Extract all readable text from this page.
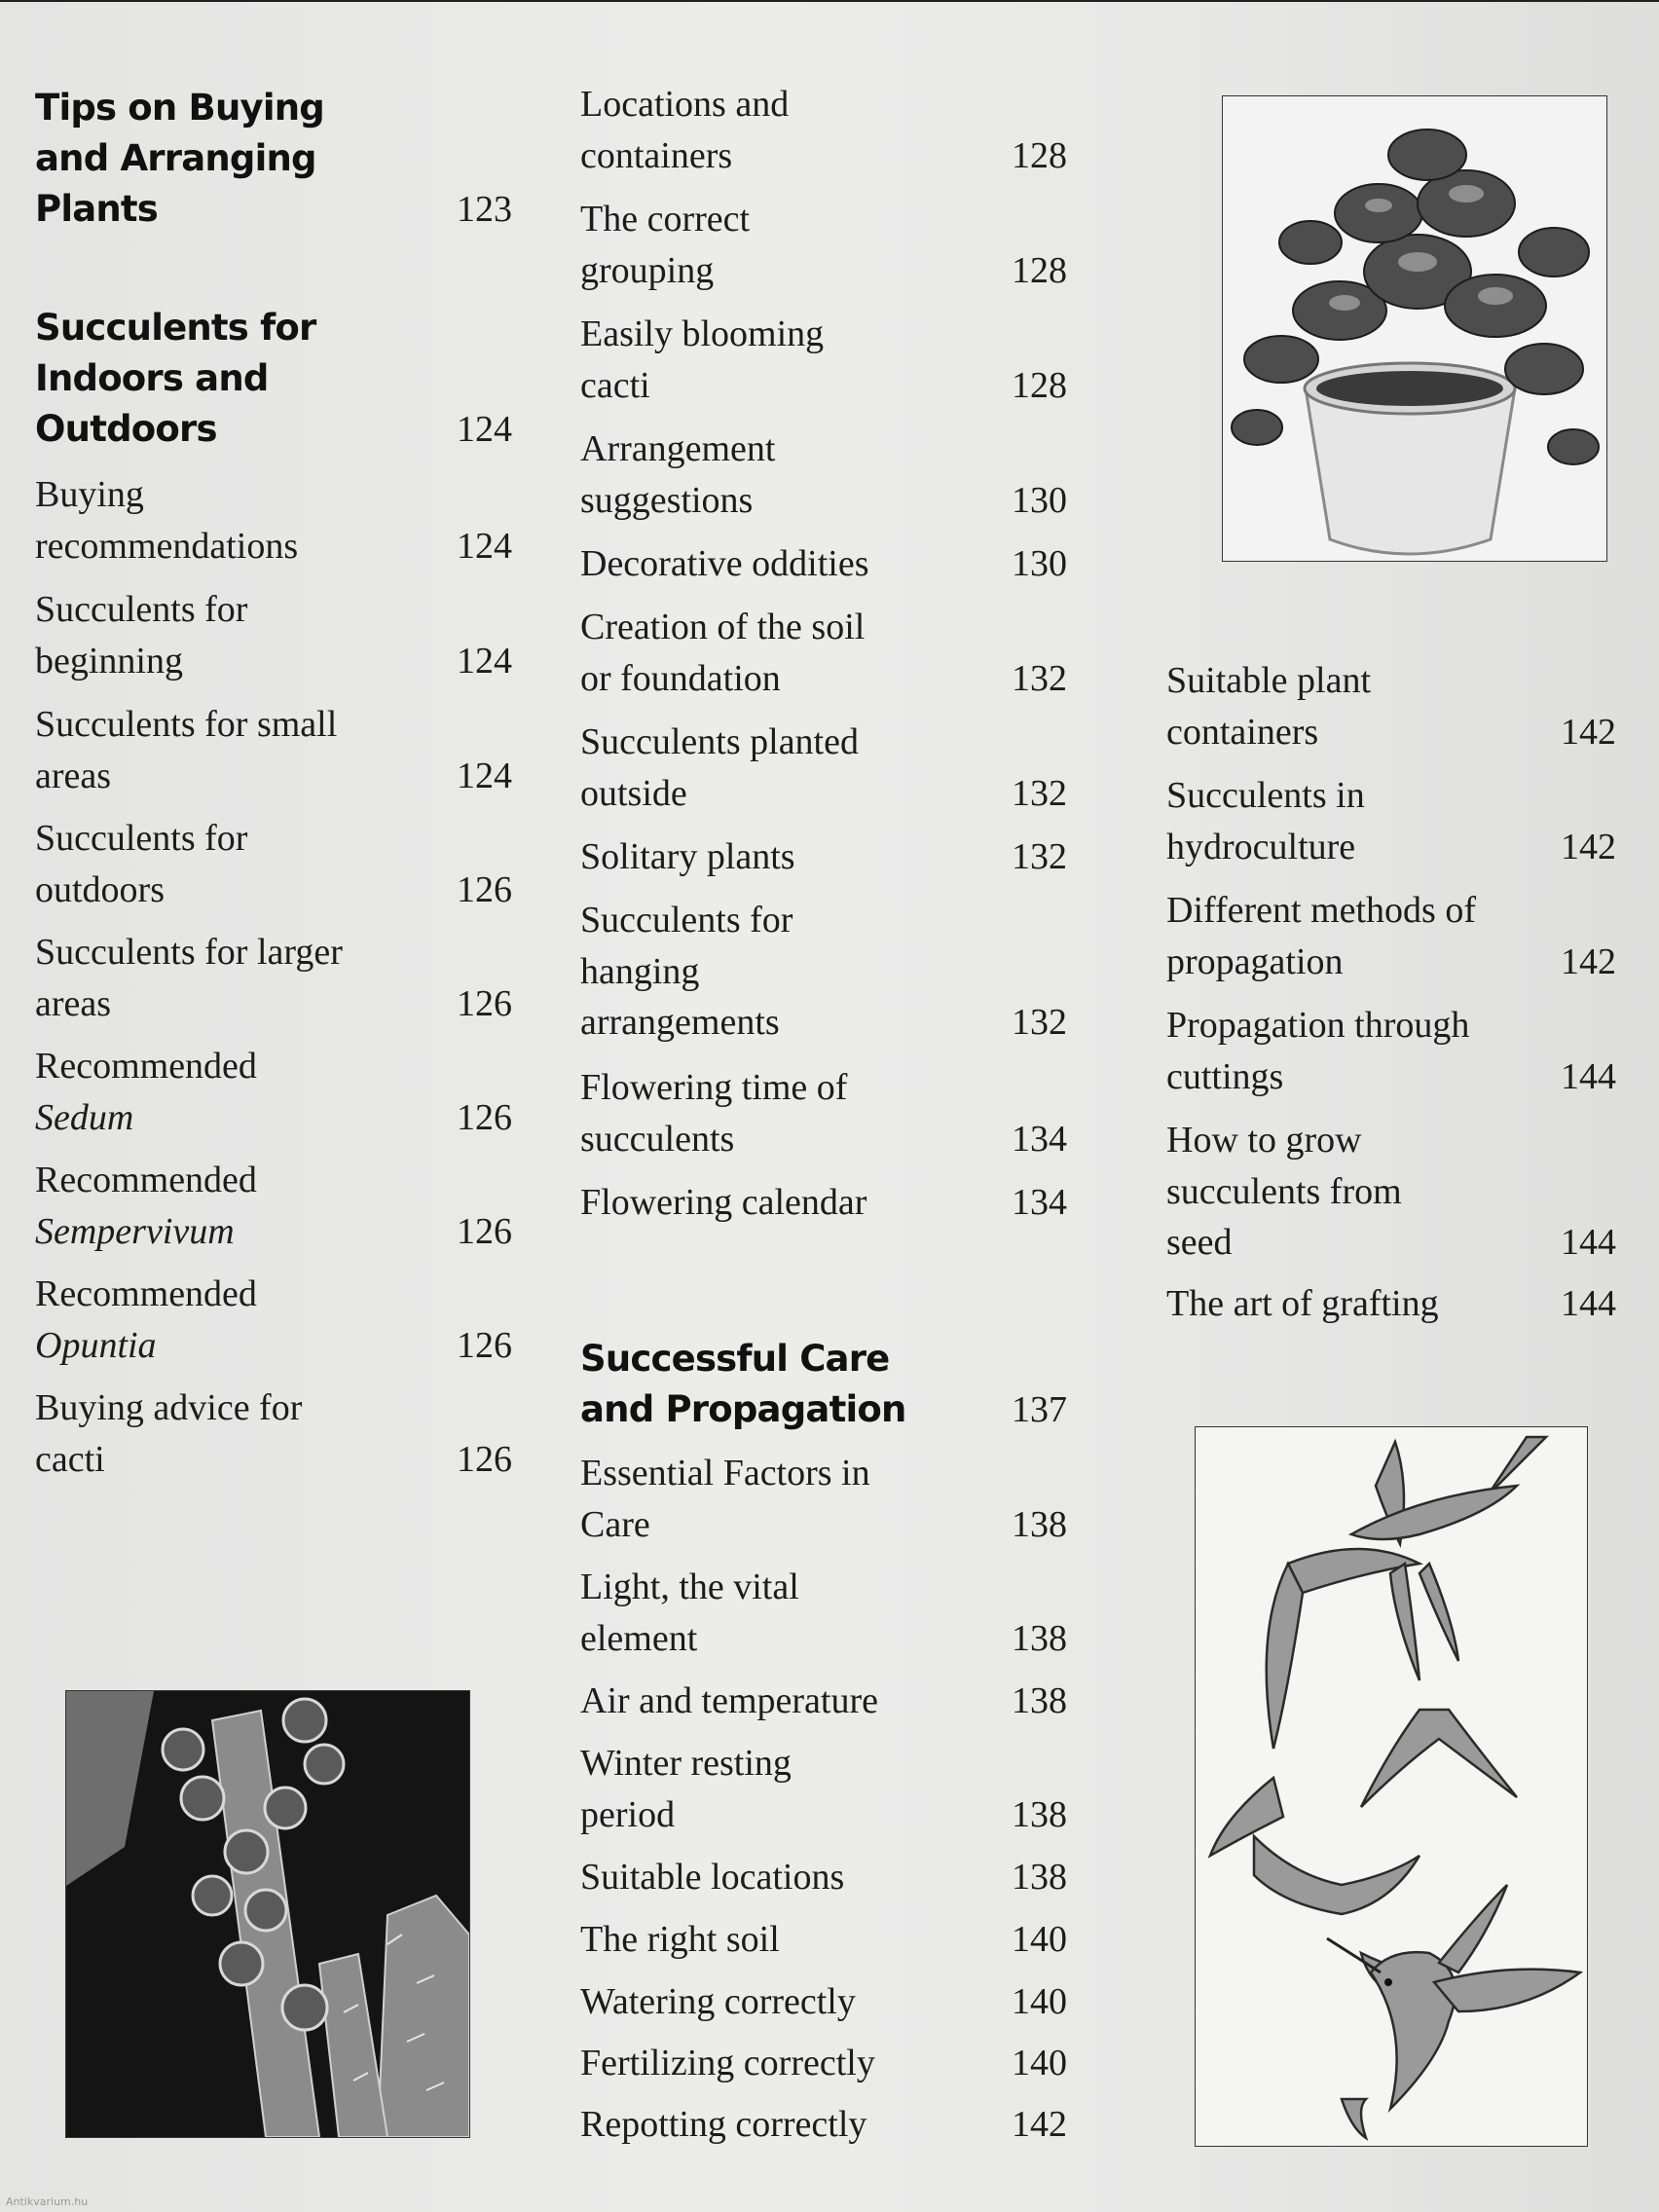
Tips on Buying
and Arranging
Plants	123
Succulents for
Indoors and
Outdoors	124
Buying
recommendations	124
Succulents for
beginning	124
Succulents for small
areas	124
Succulents for
outdoors	126
Succulents for larger
areas	126
Recommended
Sedum	126
Recommended
Sempervivum	126
Recommended
Opuntia	126
Buying advice for
cacti	126
Locations and
containers	128
The correct
grouping	128
Easily blooming
cacti	128
Arrangement
suggestions	130
Decorative oddities	130
Creation of the soil
or foundation	132
Succulents planted
outside	132
Solitary plants	132
Succulents for
hanging
arrangements	132
Flowering time of
succulents	134
Flowering calendar	134
Successful Care
and Propagation	137
Essential Factors in
Care	138
Light, the vital
element	138
Air and temperature	138
Winter resting
period	138
Suitable locations	138
The right soil	140
Watering correctly	140
Fertilizing correctly	140
Repotting correctly	142
Suitable plant
containers	142
Succulents in
hydroculture	142
Different methods of
propagation	142
Propagation through
cuttings	144
How to grow
succulents from
seed	144
The art of grafting	144
Antikvarium.hu
